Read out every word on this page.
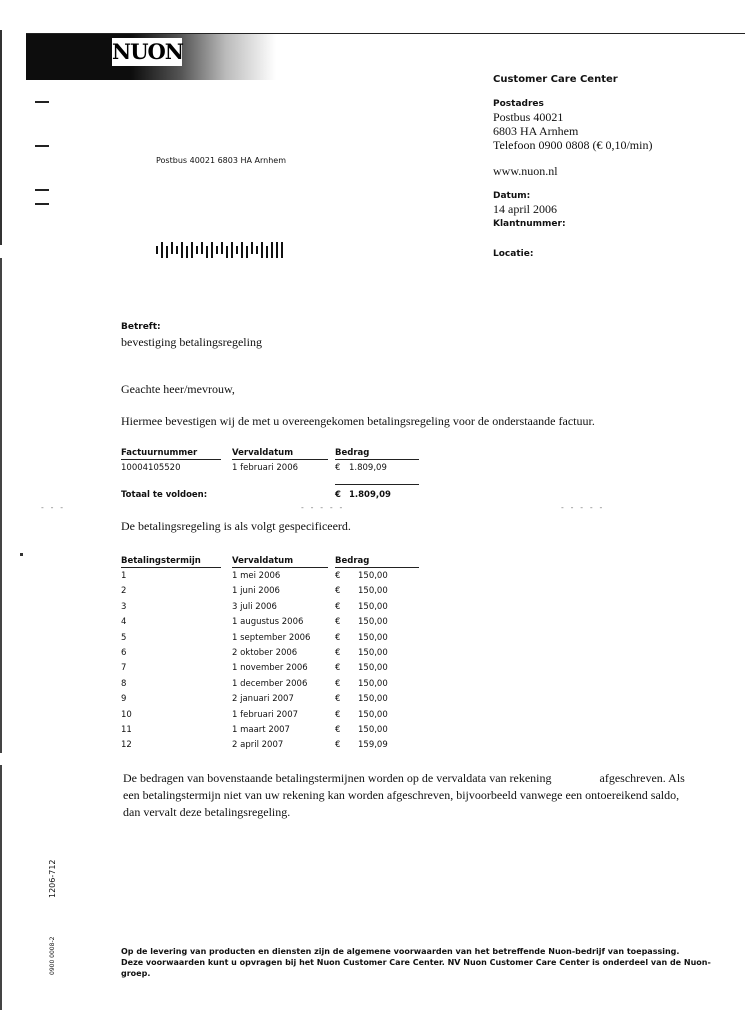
NUON
Customer Care Center
Postadres
Postbus 40021
6803 HA Arnhem
Telefoon 0900 0808 (€ 0,10/min)
www.nuon.nl
Datum:
14 april 2006
Klantnummer:
Locatie:
Postbus 40021 6803 HA Arnhem
Betreft:
bevestiging betalingsregeling
Geachte heer/mevrouw,
Hiermee bevestigen wij de met u overeengekomen betalingsregeling voor de onderstaande factuur.
Factuurnummer	Vervaldatum	Bedrag
10004105520	1 februari 2006	€ 1.809,09
Totaal te voldoen:	€ 1.809,09
- - -	- - - - -	- - - - -
De betalingsregeling is als volgt gespecificeerd.
Betalingstermijn	Vervaldatum	Bedrag
1	1 mei 2006	€ 150,00
2	1 juni 2006	€ 150,00
3	3 juli 2006	€ 150,00
4	1 augustus 2006	€ 150,00
5	1 september 2006	€ 150,00
6	2 oktober 2006	€ 150,00
7	1 november 2006	€ 150,00
8	1 december 2006	€ 150,00
9	2 januari 2007	€ 150,00
10	1 februari 2007	€ 150,00
11	1 maart 2007	€ 150,00
12	2 april 2007	€ 159,09
De bedragen van bovenstaande betalingstermijnen worden op de vervaldata van rekening	afgeschreven. Als
een betalingstermijn niet van uw rekening kan worden afgeschreven, bijvoorbeeld vanwege een ontoereikend saldo,
dan vervalt deze betalingsregeling.
1206-712
0900 0008-2	Op de levering van producten en diensten zijn de algemene voorwaarden van het betreffende Nuon-bedrijf van toepassing.
Deze voorwaarden kunt u opvragen bij het Nuon Customer Care Center. NV Nuon Customer Care Center is onderdeel van de Nuon-groep.
